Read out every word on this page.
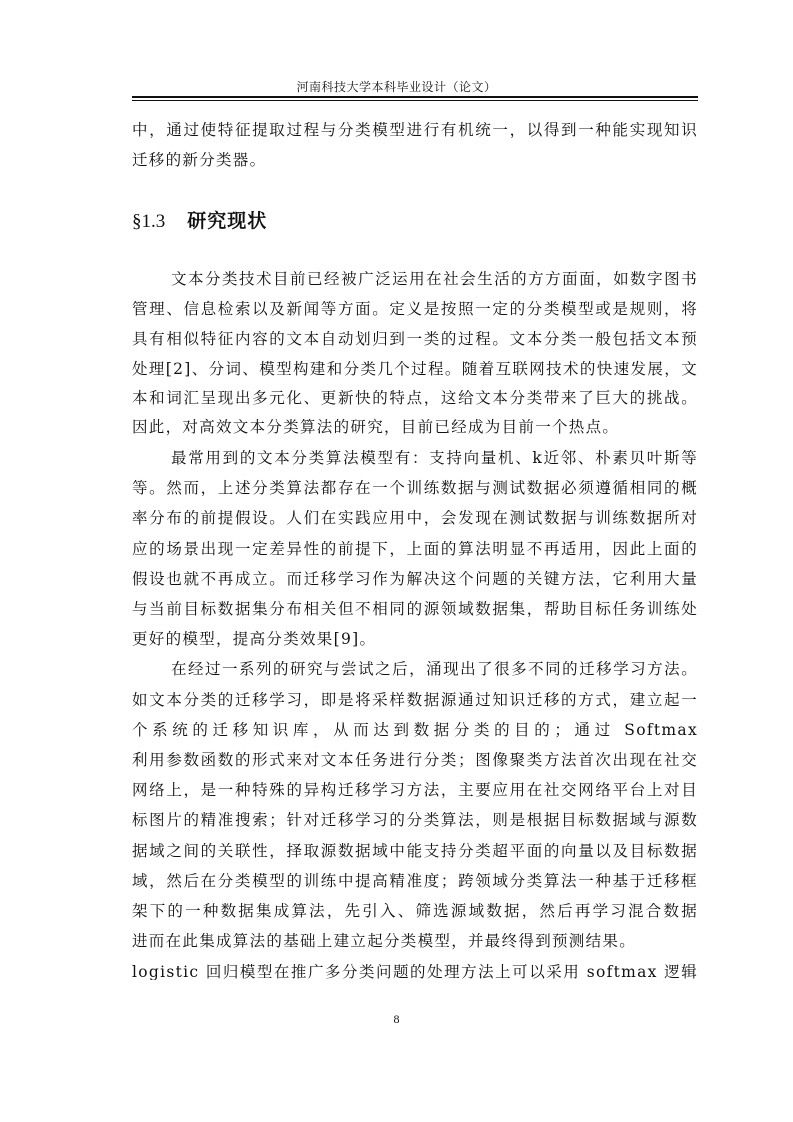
河南科技大学本科毕业设计（论文）
中，通过使特征提取过程与分类模型进行有机统一，以得到一种能实现知识
迁移的新分类器。
§1.3 研究现状
文本分类技术目前已经被广泛运用在社会生活的方方面面，如数字图书
管理、信息检索以及新闻等方面。定义是按照一定的分类模型或是规则，将
具有相似特征内容的文本自动划归到一类的过程。文本分类一般包括文本预
处理[2]、分词、模型构建和分类几个过程。随着互联网技术的快速发展，文
本和词汇呈现出多元化、更新快的特点，这给文本分类带来了巨大的挑战。
因此，对高效文本分类算法的研究，目前已经成为目前一个热点。
最常用到的文本分类算法模型有：支持向量机、k近邻、朴素贝叶斯等
等。然而，上述分类算法都存在一个训练数据与测试数据必须遵循相同的概
率分布的前提假设。人们在实践应用中，会发现在测试数据与训练数据所对
应的场景出现一定差异性的前提下，上面的算法明显不再适用，因此上面的
假设也就不再成立。而迁移学习作为解决这个问题的关键方法，它利用大量
与当前目标数据集分布相关但不相同的源领域数据集，帮助目标任务训练处
更好的模型，提高分类效果[9]。
在经过一系列的研究与尝试之后，涌现出了很多不同的迁移学习方法。
如文本分类的迁移学习，即是将采样数据源通过知识迁移的方式，建立起一
个系统的迁移知识库，从而达到数据分类的目的；通过 Softmax
利用参数函数的形式来对文本任务进行分类；图像聚类方法首次出现在社交
网络上，是一种特殊的异构迁移学习方法，主要应用在社交网络平台上对目
标图片的精准搜索；针对迁移学习的分类算法，则是根据目标数据域与源数
据域之间的关联性，择取源数据域中能支持分类超平面的向量以及目标数据
域，然后在分类模型的训练中提高精准度；跨领域分类算法一种基于迁移框
架下的一种数据集成算法，先引入、筛选源域数据，然后再学习混合数据
进而在此集成算法的基础上建立起分类模型，并最终得到预测结果。
logistic 回归模型在推广多分类问题的处理方法上可以采用 softmax 逻辑
8
